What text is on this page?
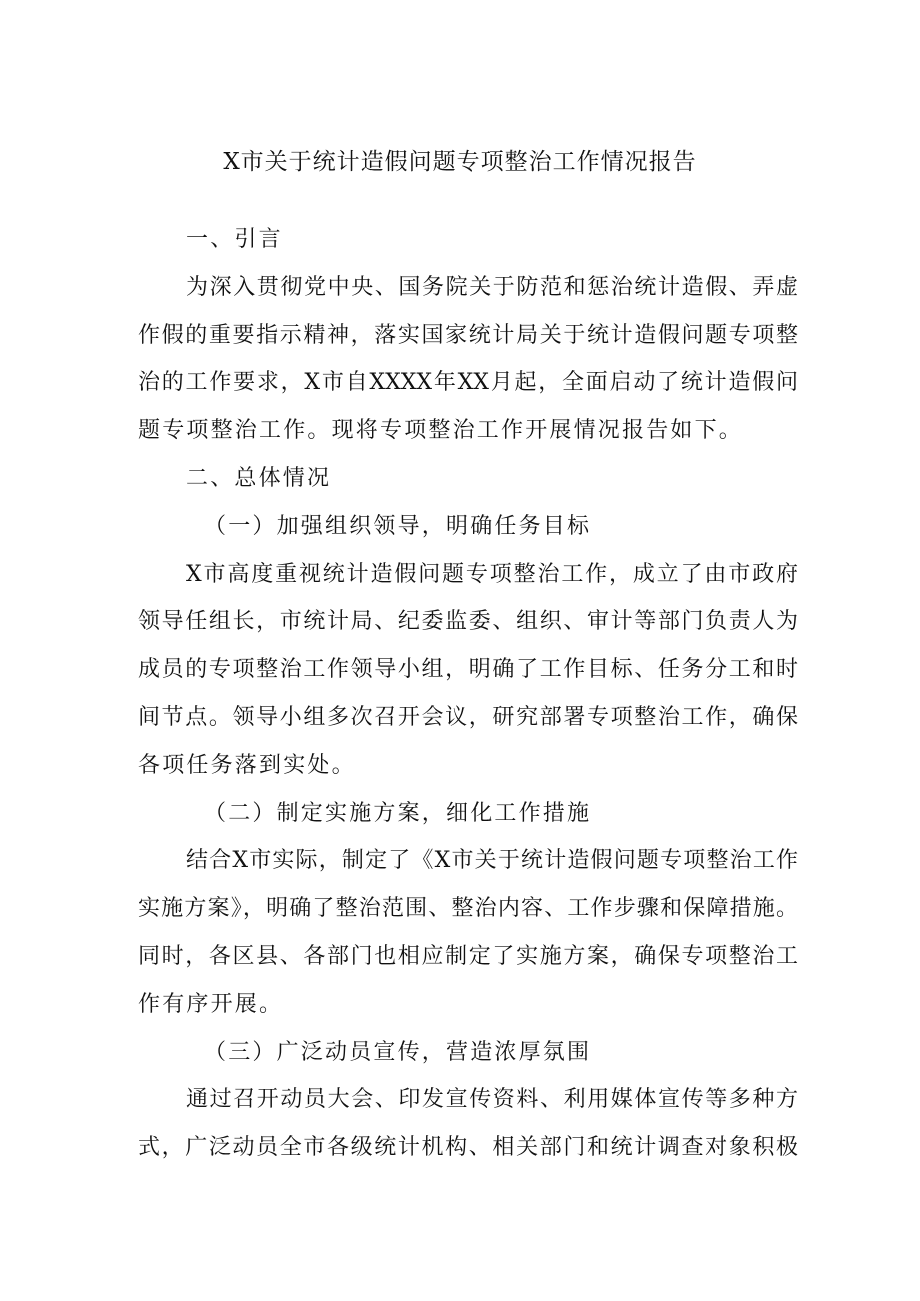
X市关于统计造假问题专项整治工作情况报告
一、引言
为深入贯彻党中央、国务院关于防范和惩治统计造假、弄虚
作假的重要指示精神，落实国家统计局关于统计造假问题专项整
治的工作要求，X市自XXXX年XX月起，全面启动了统计造假问
题专项整治工作。现将专项整治工作开展情况报告如下。
二、总体情况
（一）加强组织领导，明确任务目标
X市高度重视统计造假问题专项整治工作，成立了由市政府
领导任组长，市统计局、纪委监委、组织、审计等部门负责人为
成员的专项整治工作领导小组，明确了工作目标、任务分工和时
间节点。领导小组多次召开会议，研究部署专项整治工作，确保
各项任务落到实处。
（二）制定实施方案，细化工作措施
结合X市实际，制定了《X市关于统计造假问题专项整治工作
实施方案》，明确了整治范围、整治内容、工作步骤和保障措施。
同时，各区县、各部门也相应制定了实施方案，确保专项整治工
作有序开展。
（三）广泛动员宣传，营造浓厚氛围
通过召开动员大会、印发宣传资料、利用媒体宣传等多种方
式，广泛动员全市各级统计机构、相关部门和统计调查对象积极
